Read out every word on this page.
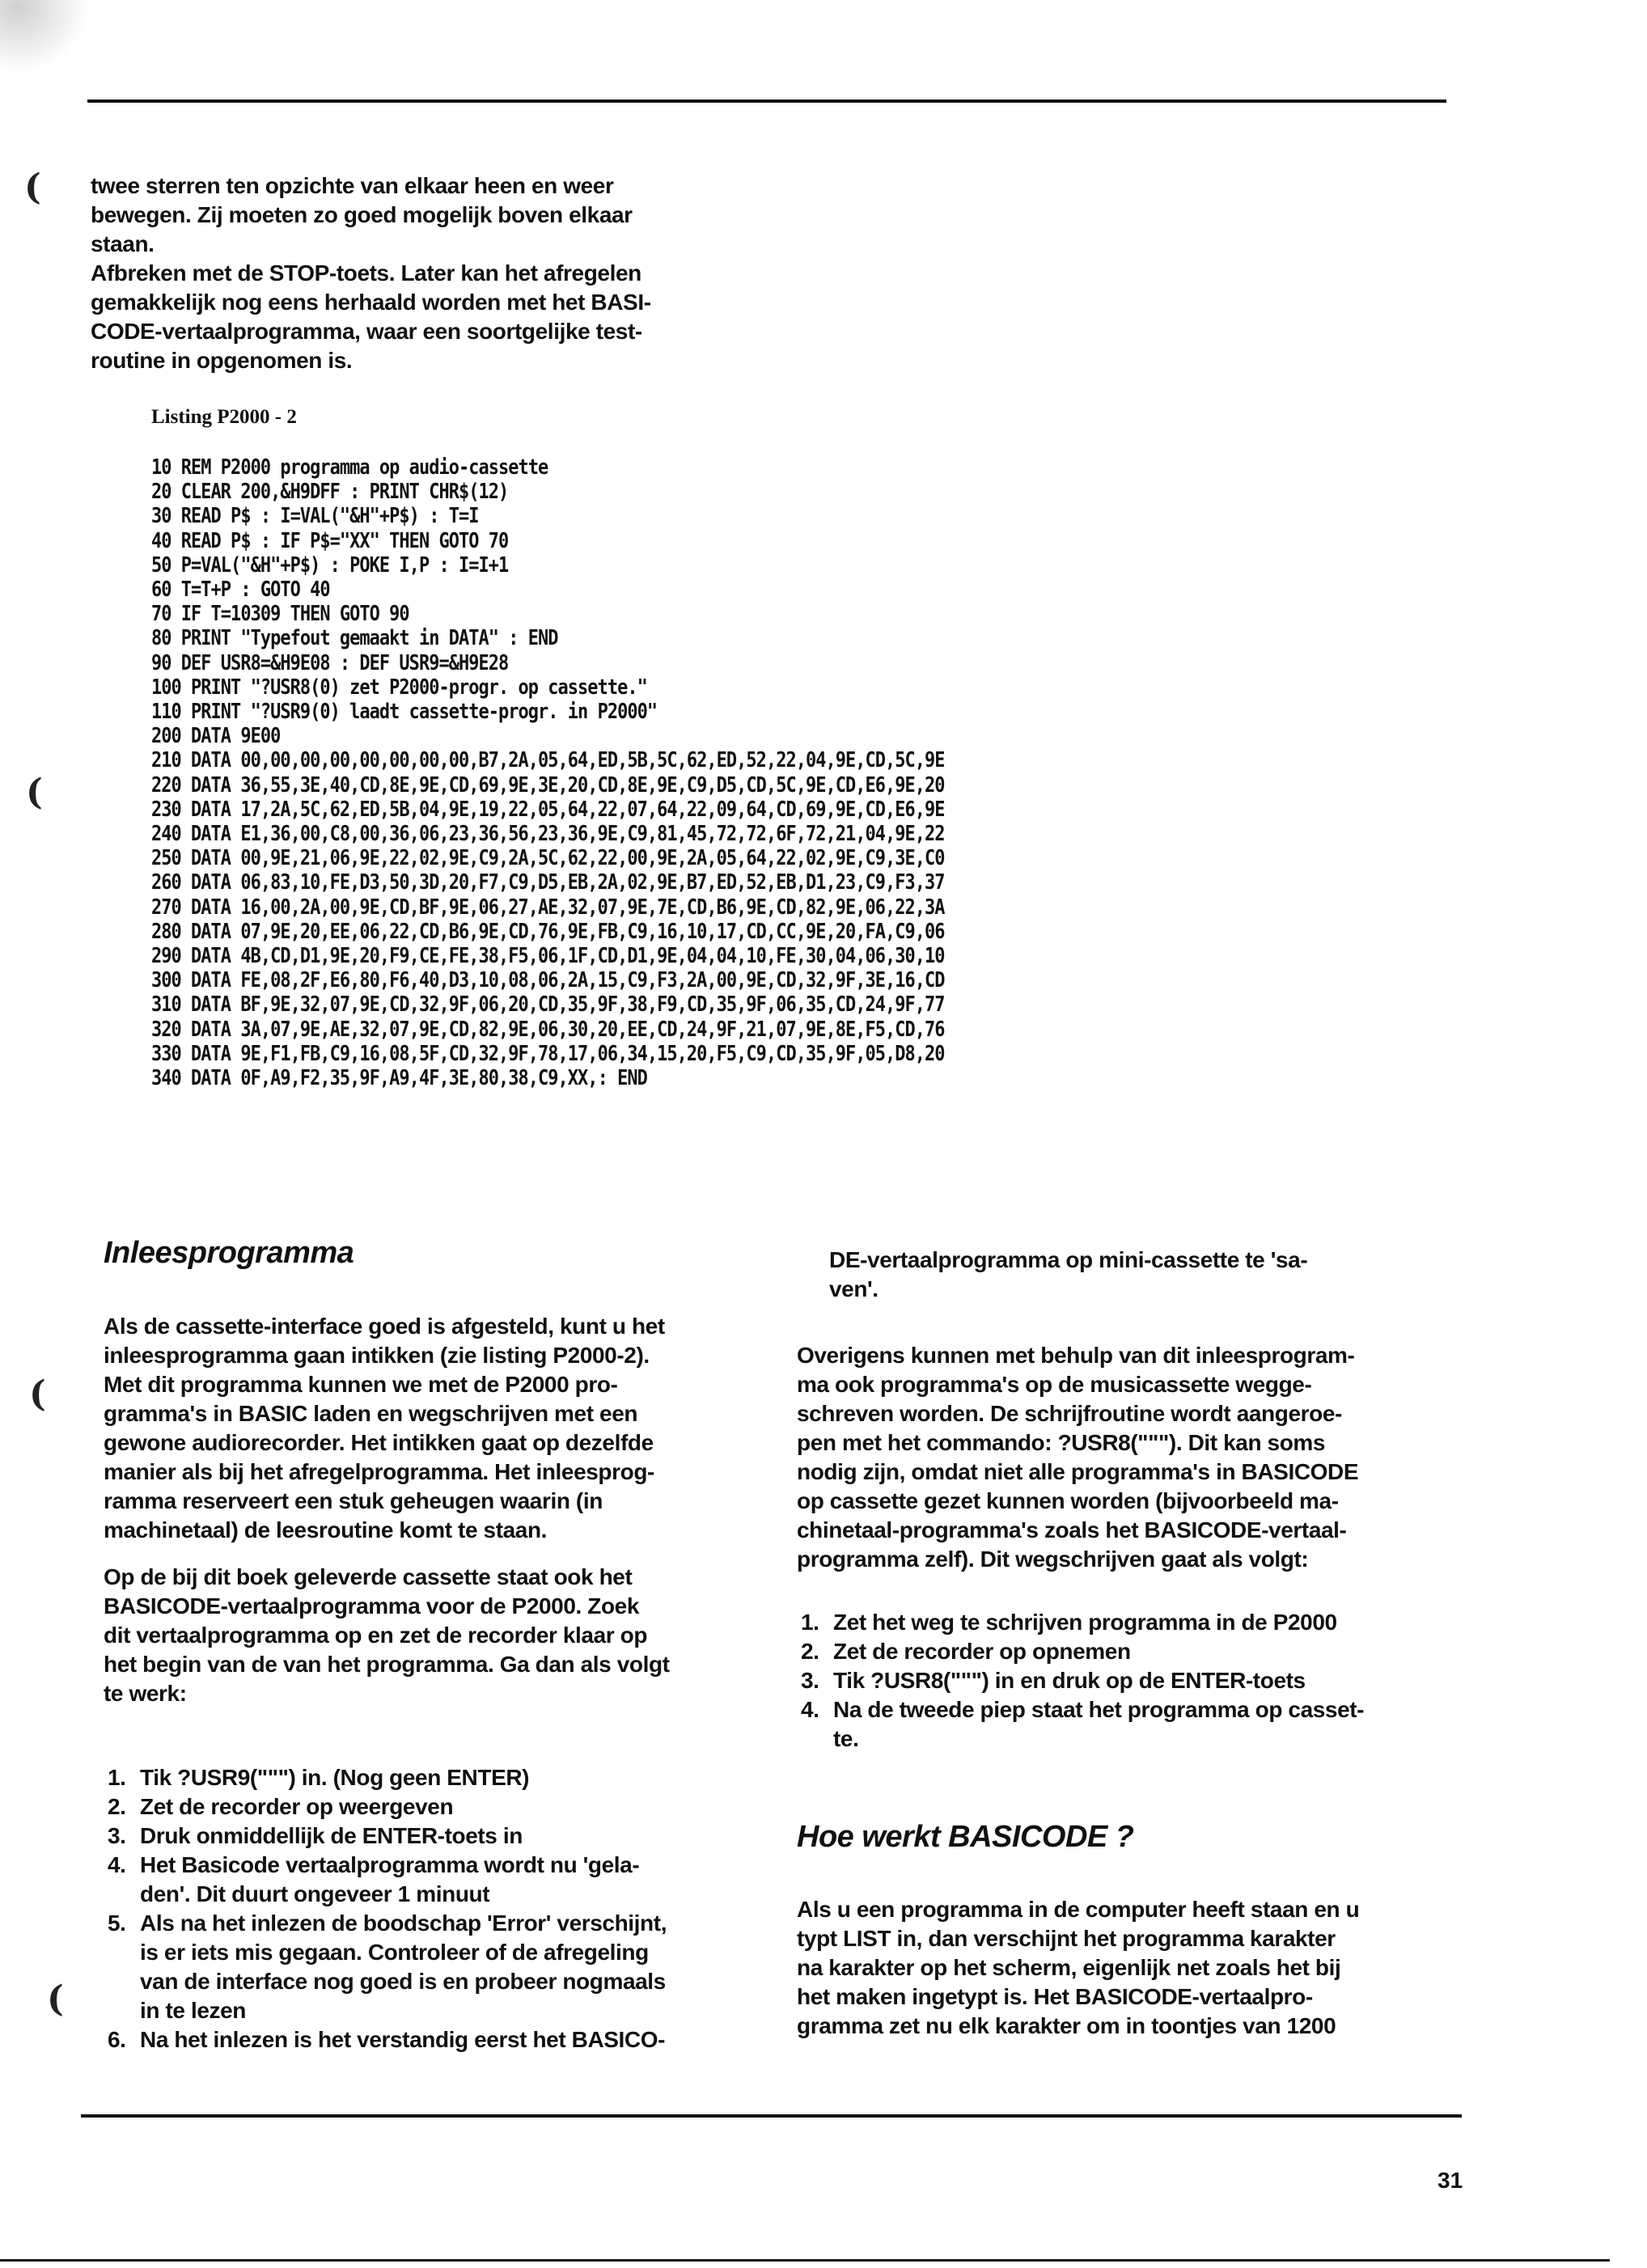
(
(
(
(

twee sterren ten opzichte van elkaar heen en weer
bewegen. Zij moeten zo goed mogelijk boven elkaar
staan.
Afbreken met de STOP-toets. Later kan het afregelen
gemakkelijk nog eens herhaald worden met het BASI-
CODE-vertaalprogramma, waar een soortgelijke test-
routine in opgenomen is.

Listing P2000 - 2
10 REM P2000 programma op audio-cassette
20 CLEAR 200,&H9DFF : PRINT CHR$(12)
30 READ P$ : I=VAL("&H"+P$) : T=I
40 READ P$ : IF P$="XX" THEN GOTO 70
50 P=VAL("&H"+P$) : POKE I,P : I=I+1
60 T=T+P : GOTO 40
70 IF T=10309 THEN GOTO 90
80 PRINT "Typefout gemaakt in DATA" : END
90 DEF USR8=&H9E08 : DEF USR9=&H9E28
100 PRINT "?USR8(0) zet P2000-progr. op cassette."
110 PRINT "?USR9(0) laadt cassette-progr. in P2000"
200 DATA 9E00
210 DATA 00,00,00,00,00,00,00,00,B7,2A,05,64,ED,5B,5C,62,ED,52,22,04,9E,CD,5C,9E
220 DATA 36,55,3E,40,CD,8E,9E,CD,69,9E,3E,20,CD,8E,9E,C9,D5,CD,5C,9E,CD,E6,9E,20
230 DATA 17,2A,5C,62,ED,5B,04,9E,19,22,05,64,22,07,64,22,09,64,CD,69,9E,CD,E6,9E
240 DATA E1,36,00,C8,00,36,06,23,36,56,23,36,9E,C9,81,45,72,72,6F,72,21,04,9E,22
250 DATA 00,9E,21,06,9E,22,02,9E,C9,2A,5C,62,22,00,9E,2A,05,64,22,02,9E,C9,3E,C0
260 DATA 06,83,10,FE,D3,50,3D,20,F7,C9,D5,EB,2A,02,9E,B7,ED,52,EB,D1,23,C9,F3,37
270 DATA 16,00,2A,00,9E,CD,BF,9E,06,27,AE,32,07,9E,7E,CD,B6,9E,CD,82,9E,06,22,3A
280 DATA 07,9E,20,EE,06,22,CD,B6,9E,CD,76,9E,FB,C9,16,10,17,CD,CC,9E,20,FA,C9,06
290 DATA 4B,CD,D1,9E,20,F9,CE,FE,38,F5,06,1F,CD,D1,9E,04,04,10,FE,30,04,06,30,10
300 DATA FE,08,2F,E6,80,F6,40,D3,10,08,06,2A,15,C9,F3,2A,00,9E,CD,32,9F,3E,16,CD
310 DATA BF,9E,32,07,9E,CD,32,9F,06,20,CD,35,9F,38,F9,CD,35,9F,06,35,CD,24,9F,77
320 DATA 3A,07,9E,AE,32,07,9E,CD,82,9E,06,30,20,EE,CD,24,9F,21,07,9E,8E,F5,CD,76
330 DATA 9E,F1,FB,C9,16,08,5F,CD,32,9F,78,17,06,34,15,20,F5,C9,CD,35,9F,05,D8,20
340 DATA 0F,A9,F2,35,9F,A9,4F,3E,80,38,C9,XX,: END
Inleesprogramma

Als de cassette-interface goed is afgesteld, kunt u het
inleesprogramma gaan intikken (zie listing P2000-2).
Met dit programma kunnen we met de P2000 pro-
gramma's in BASIC laden en wegschrijven met een
gewone audiorecorder. Het intikken gaat op dezelfde
manier als bij het afregelprogramma. Het inleesprog-
ramma reserveert een stuk geheugen waarin (in
machinetaal) de leesroutine komt te staan.

Op de bij dit boek geleverde cassette staat ook het
BASICODE-vertaalprogramma voor de P2000. Zoek
dit vertaalprogramma op en zet de recorder klaar op
het begin van de van het programma. Ga dan als volgt
te werk:

1. Tik ?USR9(""") in. (Nog geen ENTER)
2. Zet de recorder op weergeven
3. Druk onmiddellijk de ENTER-toets in
4. Het Basicode vertaalprogramma wordt nu 'gela-
den'. Dit duurt ongeveer 1 minuut
5. Als na het inlezen de boodschap 'Error' verschijnt,
is er iets mis gegaan. Controleer of de afregeling
van de interface nog goed is en probeer nogmaals
in te lezen
6. Na het inlezen is het verstandig eerst het BASICO-

DE-vertaalprogramma op mini-cassette te 'sa-
ven'.

Overigens kunnen met behulp van dit inleesprogram-
ma ook programma's op de musicassette wegge-
schreven worden. De schrijfroutine wordt aangeroe-
pen met het commando: ?USR8("""). Dit kan soms
nodig zijn, omdat niet alle programma's in BASICODE
op cassette gezet kunnen worden (bijvoorbeeld ma-
chinetaal-programma's zoals het BASICODE-vertaal-
programma zelf). Dit wegschrijven gaat als volgt:

1. Zet het weg te schrijven programma in de P2000
2. Zet de recorder op opnemen
3. Tik ?USR8(""") in en druk op de ENTER-toets
4. Na de tweede piep staat het programma op casset-
te.
Hoe werkt BASICODE ?

Als u een programma in de computer heeft staan en u
typt LIST in, dan verschijnt het programma karakter
na karakter op het scherm, eigenlijk net zoals het bij
het maken ingetypt is. Het BASICODE-vertaalpro-
gramma zet nu elk karakter om in toontjes van 1200

31
